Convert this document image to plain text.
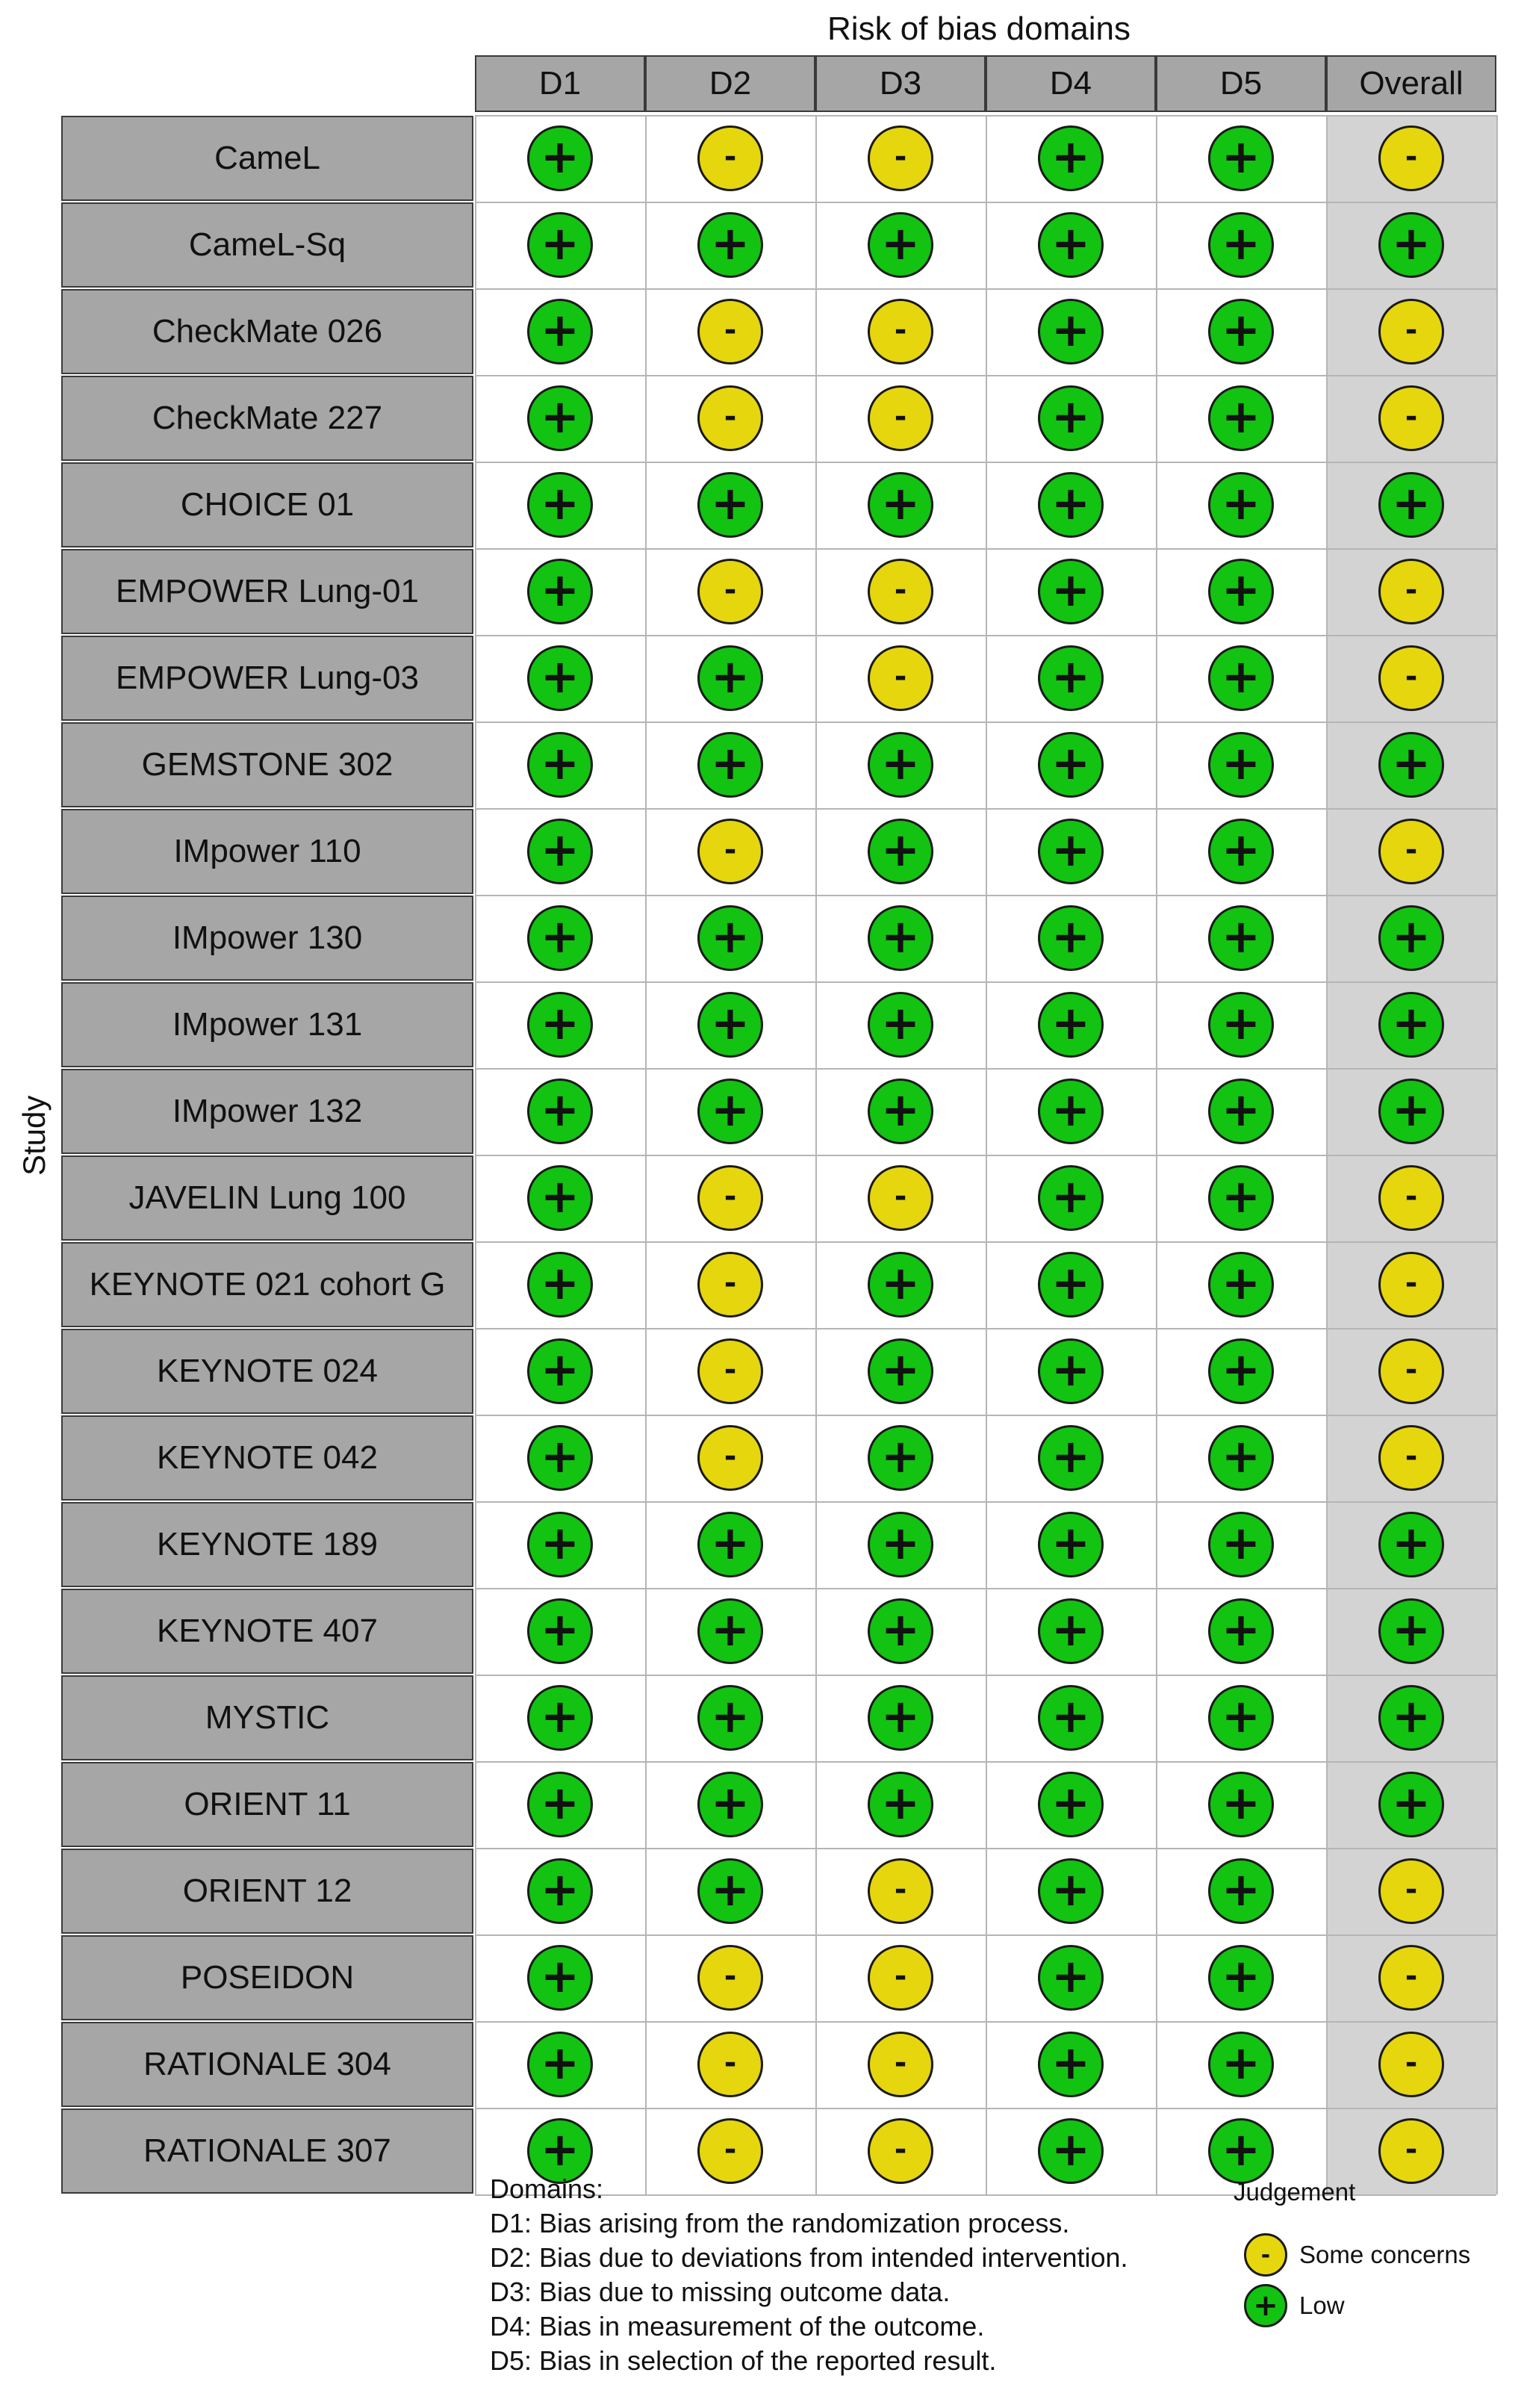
Risk of bias domains
Study
D1	D2	D3	D4	D5	Overall
CameL	+	-	-	+	+	-
CameL-Sq	+	+	+	+	+	+
CheckMate 026	+	-	-	+	+	-
CheckMate 227	+	-	-	+	+	-
CHOICE 01	+	+	+	+	+	+
EMPOWER Lung-01	+	-	-	+	+	-
EMPOWER Lung-03	+	+	-	+	+	-
GEMSTONE 302	+	+	+	+	+	+
IMpower 110	+	-	+	+	+	-
IMpower 130	+	+	+	+	+	+
IMpower 131	+	+	+	+	+	+
IMpower 132	+	+	+	+	+	+
JAVELIN Lung 100	+	-	-	+	+	-
KEYNOTE 021 cohort G	+	-	+	+	+	-
KEYNOTE 024	+	-	+	+	+	-
KEYNOTE 042	+	-	+	+	+	-
KEYNOTE 189	+	+	+	+	+	+
KEYNOTE 407	+	+	+	+	+	+
MYSTIC	+	+	+	+	+	+
ORIENT 11	+	+	+	+	+	+
ORIENT 12	+	+	-	+	+	-
POSEIDON	+	-	-	+	+	-
RATIONALE 304	+	-	-	+	+	-
RATIONALE 307	+	-	-	+	+	-
Domains:
D1: Bias arising from the randomization process.
D2: Bias due to deviations from intended intervention.
D3: Bias due to missing outcome data.
D4: Bias in measurement of the outcome.
D5: Bias in selection of the reported result.
Judgement
-	Some concerns
+ Low
